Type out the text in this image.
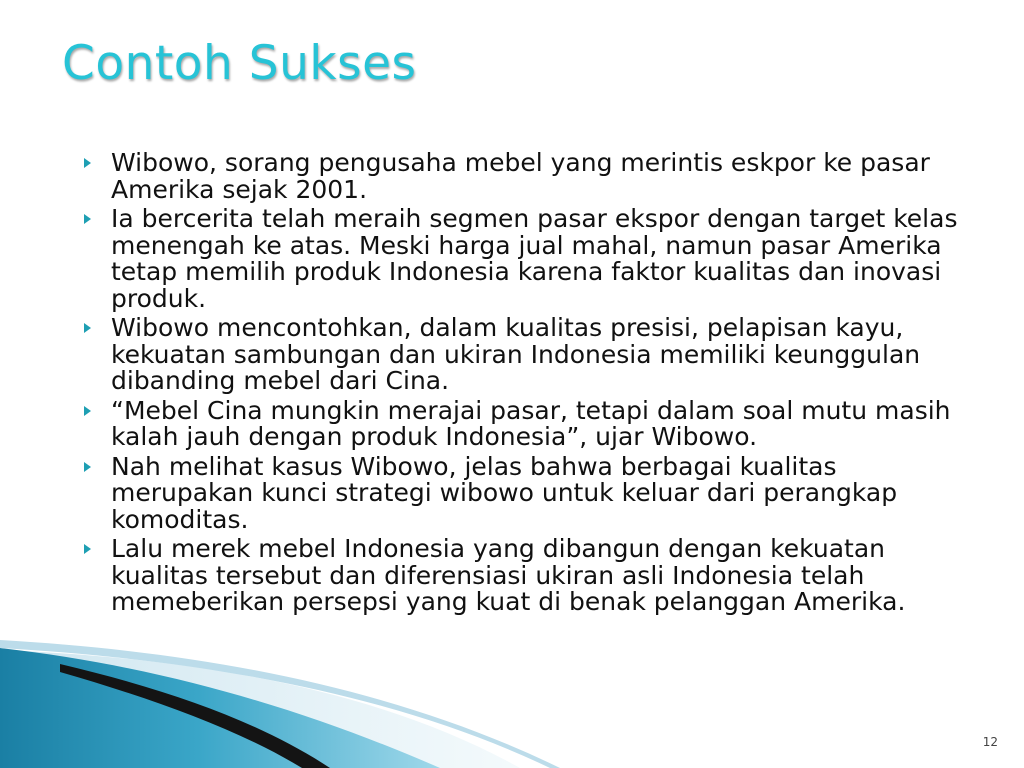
Contoh Sukses
Wibowo, sorang pengusaha mebel yang merintis eskpor ke pasar Amerika sejak 2001.
Ia bercerita telah meraih segmen pasar ekspor dengan target kelas menengah ke atas. Meski harga jual mahal, namun pasar Amerika tetap memilih produk Indonesia karena faktor kualitas dan inovasi produk.
Wibowo mencontohkan, dalam kualitas presisi, pelapisan kayu, kekuatan sambungan dan ukiran Indonesia memiliki keunggulan dibanding mebel dari Cina.
“Mebel Cina mungkin merajai pasar, tetapi dalam soal mutu masih kalah jauh dengan produk Indonesia”, ujar Wibowo.
Nah melihat kasus Wibowo, jelas bahwa berbagai kualitas merupakan kunci strategi wibowo untuk keluar dari perangkap komoditas.
Lalu merek mebel Indonesia yang dibangun dengan kekuatan kualitas tersebut dan diferensiasi ukiran asli Indonesia telah memeberikan persepsi yang kuat di benak pelanggan Amerika.
12
